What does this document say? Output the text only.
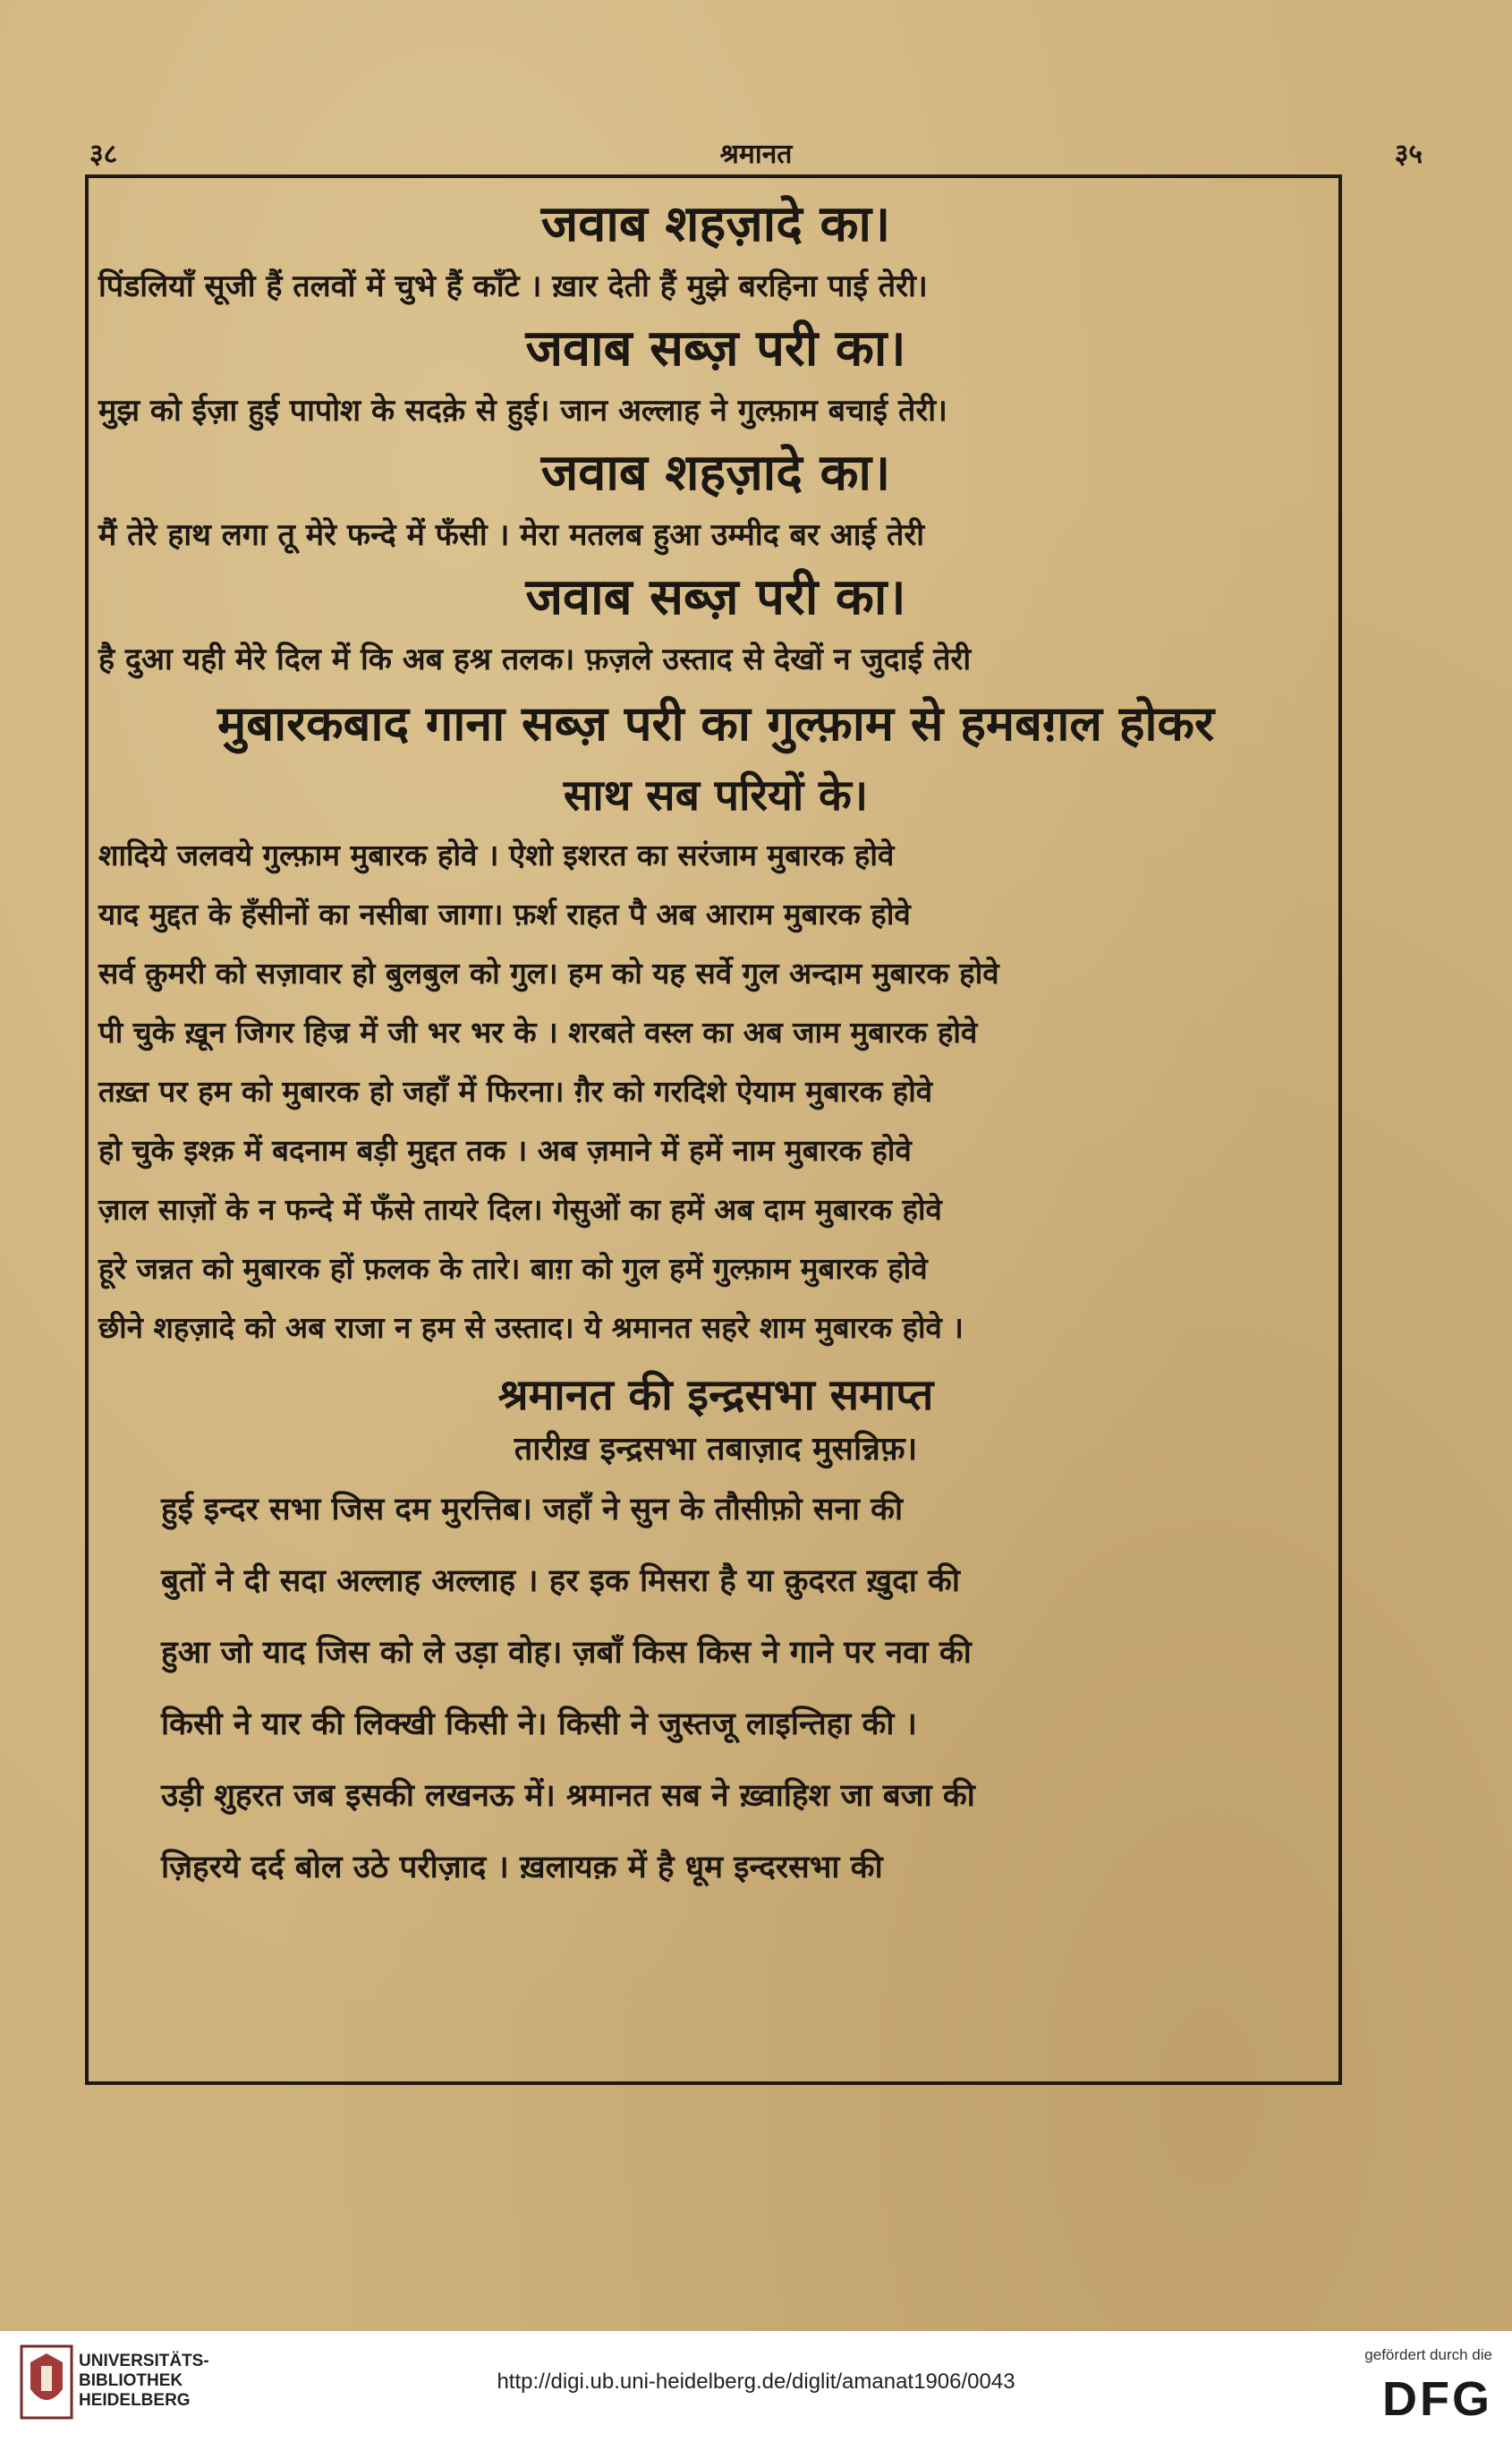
३८	श्रमानत	३५

जवाब शहज़ादे का।

पिंडलियाँ सूजी हैं तलवों में चुभे हैं काँटे । ख़ार देती हैं मुझे बरहिना पाई तेरी।

जवाब सब्ज़ परी का।

मुझ को ईज़ा हुई पापोश के सदक़े से हुई। जान अल्लाह ने गुल्फ़ाम बचाई तेरी।

जवाब शहज़ादे का।

मैं तेरे हाथ लगा तू मेरे फन्दे में फँसी । मेरा मतलब हुआ उम्मीद बर आई तेरी

जवाब सब्ज़ परी का।

है दुआ यही मेरे दिल में कि अब हश्र तलक। फ़ज़ले उस्ताद से देखों न जुदाई तेरी

मुबारकबाद गाना सब्ज़ परी का गुल्फ़ाम से हमबग़ल होकर

साथ सब परियों के।

शादिये जलवये गुल्फ़ाम मुबारक होवे । ऐशो इशरत का सरंजाम मुबारक होवे

याद मुद्दत के हँसीनों का नसीबा जागा। फ़र्श राहत पै अब आराम मुबारक होवे

सर्व क़ुमरी को सज़ावार हो बुलबुल को गुल। हम को यह सर्वे गुल अन्दाम मुबारक होवे

पी चुके ख़ून जिगर हिज्र में जी भर भर के । शरबते वस्ल का अब जाम मुबारक होवे

तख़्त पर हम को मुबारक हो जहाँ में फिरना। ग़ैर को गरदिशे ऐयाम मुबारक होवे

हो चुके इश्क़ में बदनाम बड़ी मुद्दत तक । अब ज़माने में हमें नाम मुबारक होवे

ज़ाल साज़ों के न फन्दे में फँसे तायरे दिल। गेसुओं का हमें अब दाम मुबारक होवे

हूरे जन्नत को मुबारक हों फ़लक के तारे। बाग़ को गुल हमें गुल्फ़ाम मुबारक होवे

छीने शहज़ादे को अब राजा न हम से उस्ताद। ये श्रमानत सहरे शाम मुबारक होवे ।

श्रमानत की इन्द्रसभा समाप्त

तारीख़ इन्द्रसभा तबाज़ाद मुसन्निफ़।

हुई इन्दर सभा जिस दम मुरत्तिब। जहाँ ने सुन के तौसीफ़ो सना की

बुतों ने दी सदा अल्लाह अल्लाह । हर इक मिसरा है या क़ुदरत ख़ुदा की

हुआ जो याद जिस को ले उड़ा वोह। ज़बाँ किस किस ने गाने पर नवा की

किसी ने यार की लिक्खी किसी ने। किसी ने जुस्तजू लाइन्तिहा की ।

उड़ी शुहरत जब इसकी लखनऊ में। श्रमानत सब ने ख़्वाहिश जा बजा की

ज़िहरये दर्द बोल उठे परीज़ाद । ख़लायक़ में है धूम इन्दरसभा की

UNIVERSITÄTS-
BIBLIOTHEK
HEIDELBERG
http://digi.ub.uni-heidelberg.de/diglit/amanat1906/0043
gefördert durch die
DFG
